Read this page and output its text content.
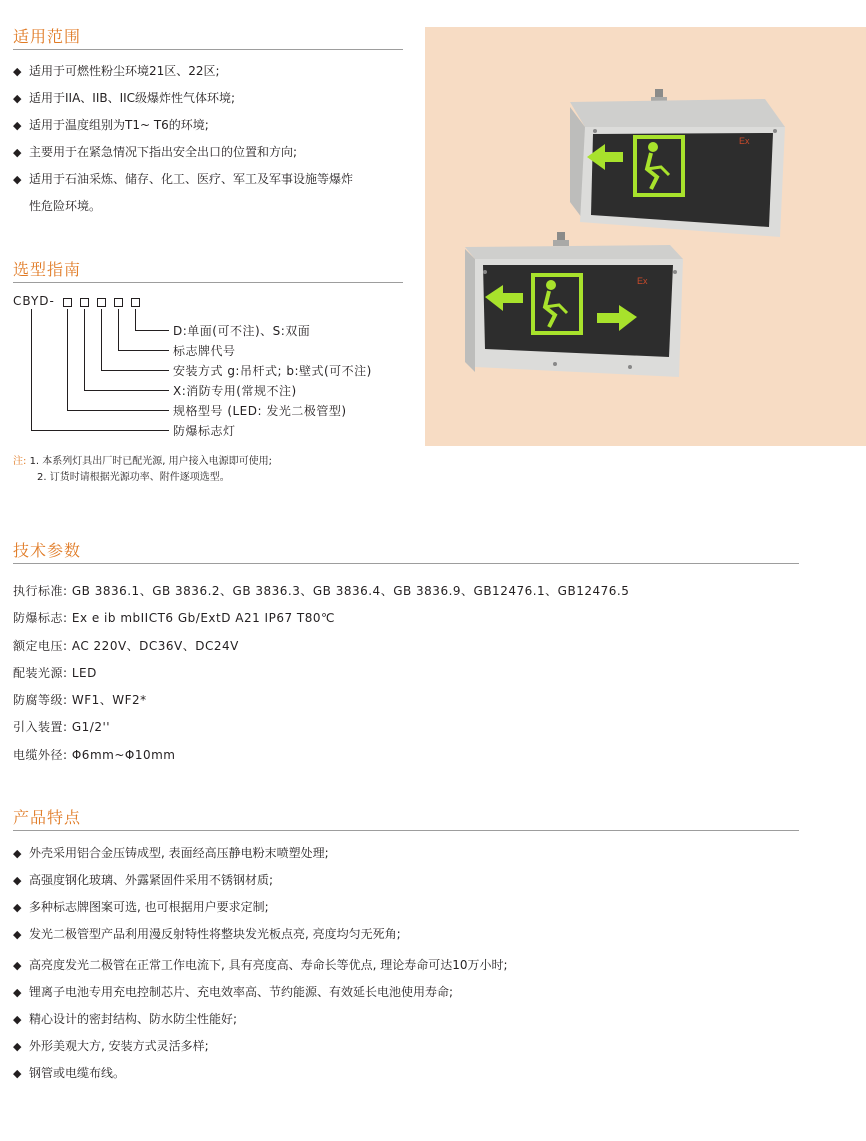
适用范围
◆ 适用于可燃性粉尘环境21区、22区;
◆ 适用于IIA、IIB、IIC级爆炸性气体环境;
◆ 适用于温度组别为T1~ T6的环境;
◆ 主要用于在紧急情况下指出安全出口的位置和方向;
◆ 适用于石油采炼、储存、化工、医疗、军工及军事设施等爆炸
性危险环境。
选型指南
CBYD-
D:单面(可不注)、S:双面
标志牌代号
安装方式 g:吊杆式; b:壁式(可不注)
X:消防专用(常规不注)
规格型号 (LED: 发光二极管型)
防爆标志灯
注: 1. 本系列灯具出厂时已配光源, 用户接入电源即可使用;
2. 订货时请根据光源功率、附件逐项选型。
Ex
Ex
技术参数
执行标准: GB 3836.1、GB 3836.2、GB 3836.3、GB 3836.4、GB 3836.9、GB12476.1、GB12476.5
防爆标志: Ex e ib mbIICT6 Gb/ExtD A21 IP67 T80℃
额定电压: AC 220V、DC36V、DC24V
配装光源: LED
防腐等级: WF1、WF2*
引入装置: G1/2''
电缆外径: Φ6mm~Φ10mm
产品特点
◆ 外壳采用铝合金压铸成型, 表面经高压静电粉末喷塑处理;
◆ 高强度钢化玻璃、外露紧固件采用不锈钢材质;
◆ 多种标志牌图案可选, 也可根据用户要求定制;
◆ 发光二极管型产品利用漫反射特性将整块发光板点亮, 亮度均匀无死角;
◆ 高亮度发光二极管在正常工作电流下, 具有亮度高、寿命长等优点, 理论寿命可达10万小时;
◆ 锂离子电池专用充电控制芯片、充电效率高、节约能源、有效延长电池使用寿命;
◆ 精心设计的密封结构、防水防尘性能好;
◆ 外形美观大方, 安装方式灵活多样;
◆ 钢管或电缆布线。
